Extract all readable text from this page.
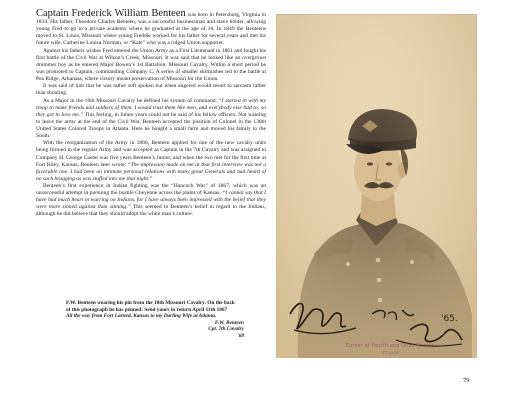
Captain Frederick William Benteen was born in Petersburg, Virginia in 1834. His father, Theodore Charles Benteen, was a successful businessman and slave holder, allowing young Fred to go to a private academy where he graduated at the age of 16. In 1849 the Benteens moved to St. Louis, Missouri where young Freddie worked for his father for several years and met his future wife, Catherine Louisa Norman, or “Kate” who was a ridged Union supporter.

Against his fathers wishes Fred entered the Union Army as a First Lieutenant in 1861 and fought his first battle of the Civil War at Wilson’s Creek, Missouri. It was said that he looked like an overgrown drummer boy as he entered Major Bowen’s 1st Battalion, Missouri Cavalry. Within a short period he was promoted to Captain, commanding Company C. A series of smaller skirmishes led to the battle at Pea Ridge, Arkansas, where victory meant preservation of Missouri for the Union.

It was said of him that he was rather soft spoken but when angered would resort to sarcasm rather than shouting.

As a Major in the 10th Missouri Cavalry he defined his system of command, “I started in with my troop to make friends and soldiers of them. I would trust them like men, and everybody else had to; so they got to love me.” This feeling, in future years could not be said of his fellow officers. Not wanting to leave the army at the end of the Civil War, Benteen accepted the position of Colonel in the 138th United States Colored Troops in Atlanta. Here he bought a small farm and moved his family to the South.

With the reorganization of the Army in 1866, Benteen applied for one of the new cavalry units being formed in the regular Army and was accepted as Captain in the 7th Cavalry and was assigned to Company H. George Custer was five years Benteen’s Junior, and when the two met for the first time at Fort Riley, Kansas, Benteen later wrote: “The impression made on me at that first interview was not a favorable one. I had been on intimate personal relations with many great Generals and had heard of no such bragging as was stuffed into me that night.”

Benteen’s first experience in Indian fighting was the “Hancock War” of 1867, which was an unsuccessful attempt in pursuing the hostile Cheyenne across the plains of Kansas. “I cannot say that I have had much heart in warring on Indians, for I have always been impressed with the belief that they were more sinned against than sinning.” This seemed to Benteen’s belief in regard to the Indians, although he did believe that they should adopt the white man’s culture.

F.W. Benteen wearing his pin from the 10th Missouri Cavalry. On the back
of this photograph he has penned: Send yours in return April 11th 1867
All the way from Fort Larned, Kansas to my Darling Wife at Atlanta.
F.W. Benteen
Cpt. 7th Cavalry
'68
'65.
Corner of Fourth and Olive Streets,
ST. LOUIS.
79
